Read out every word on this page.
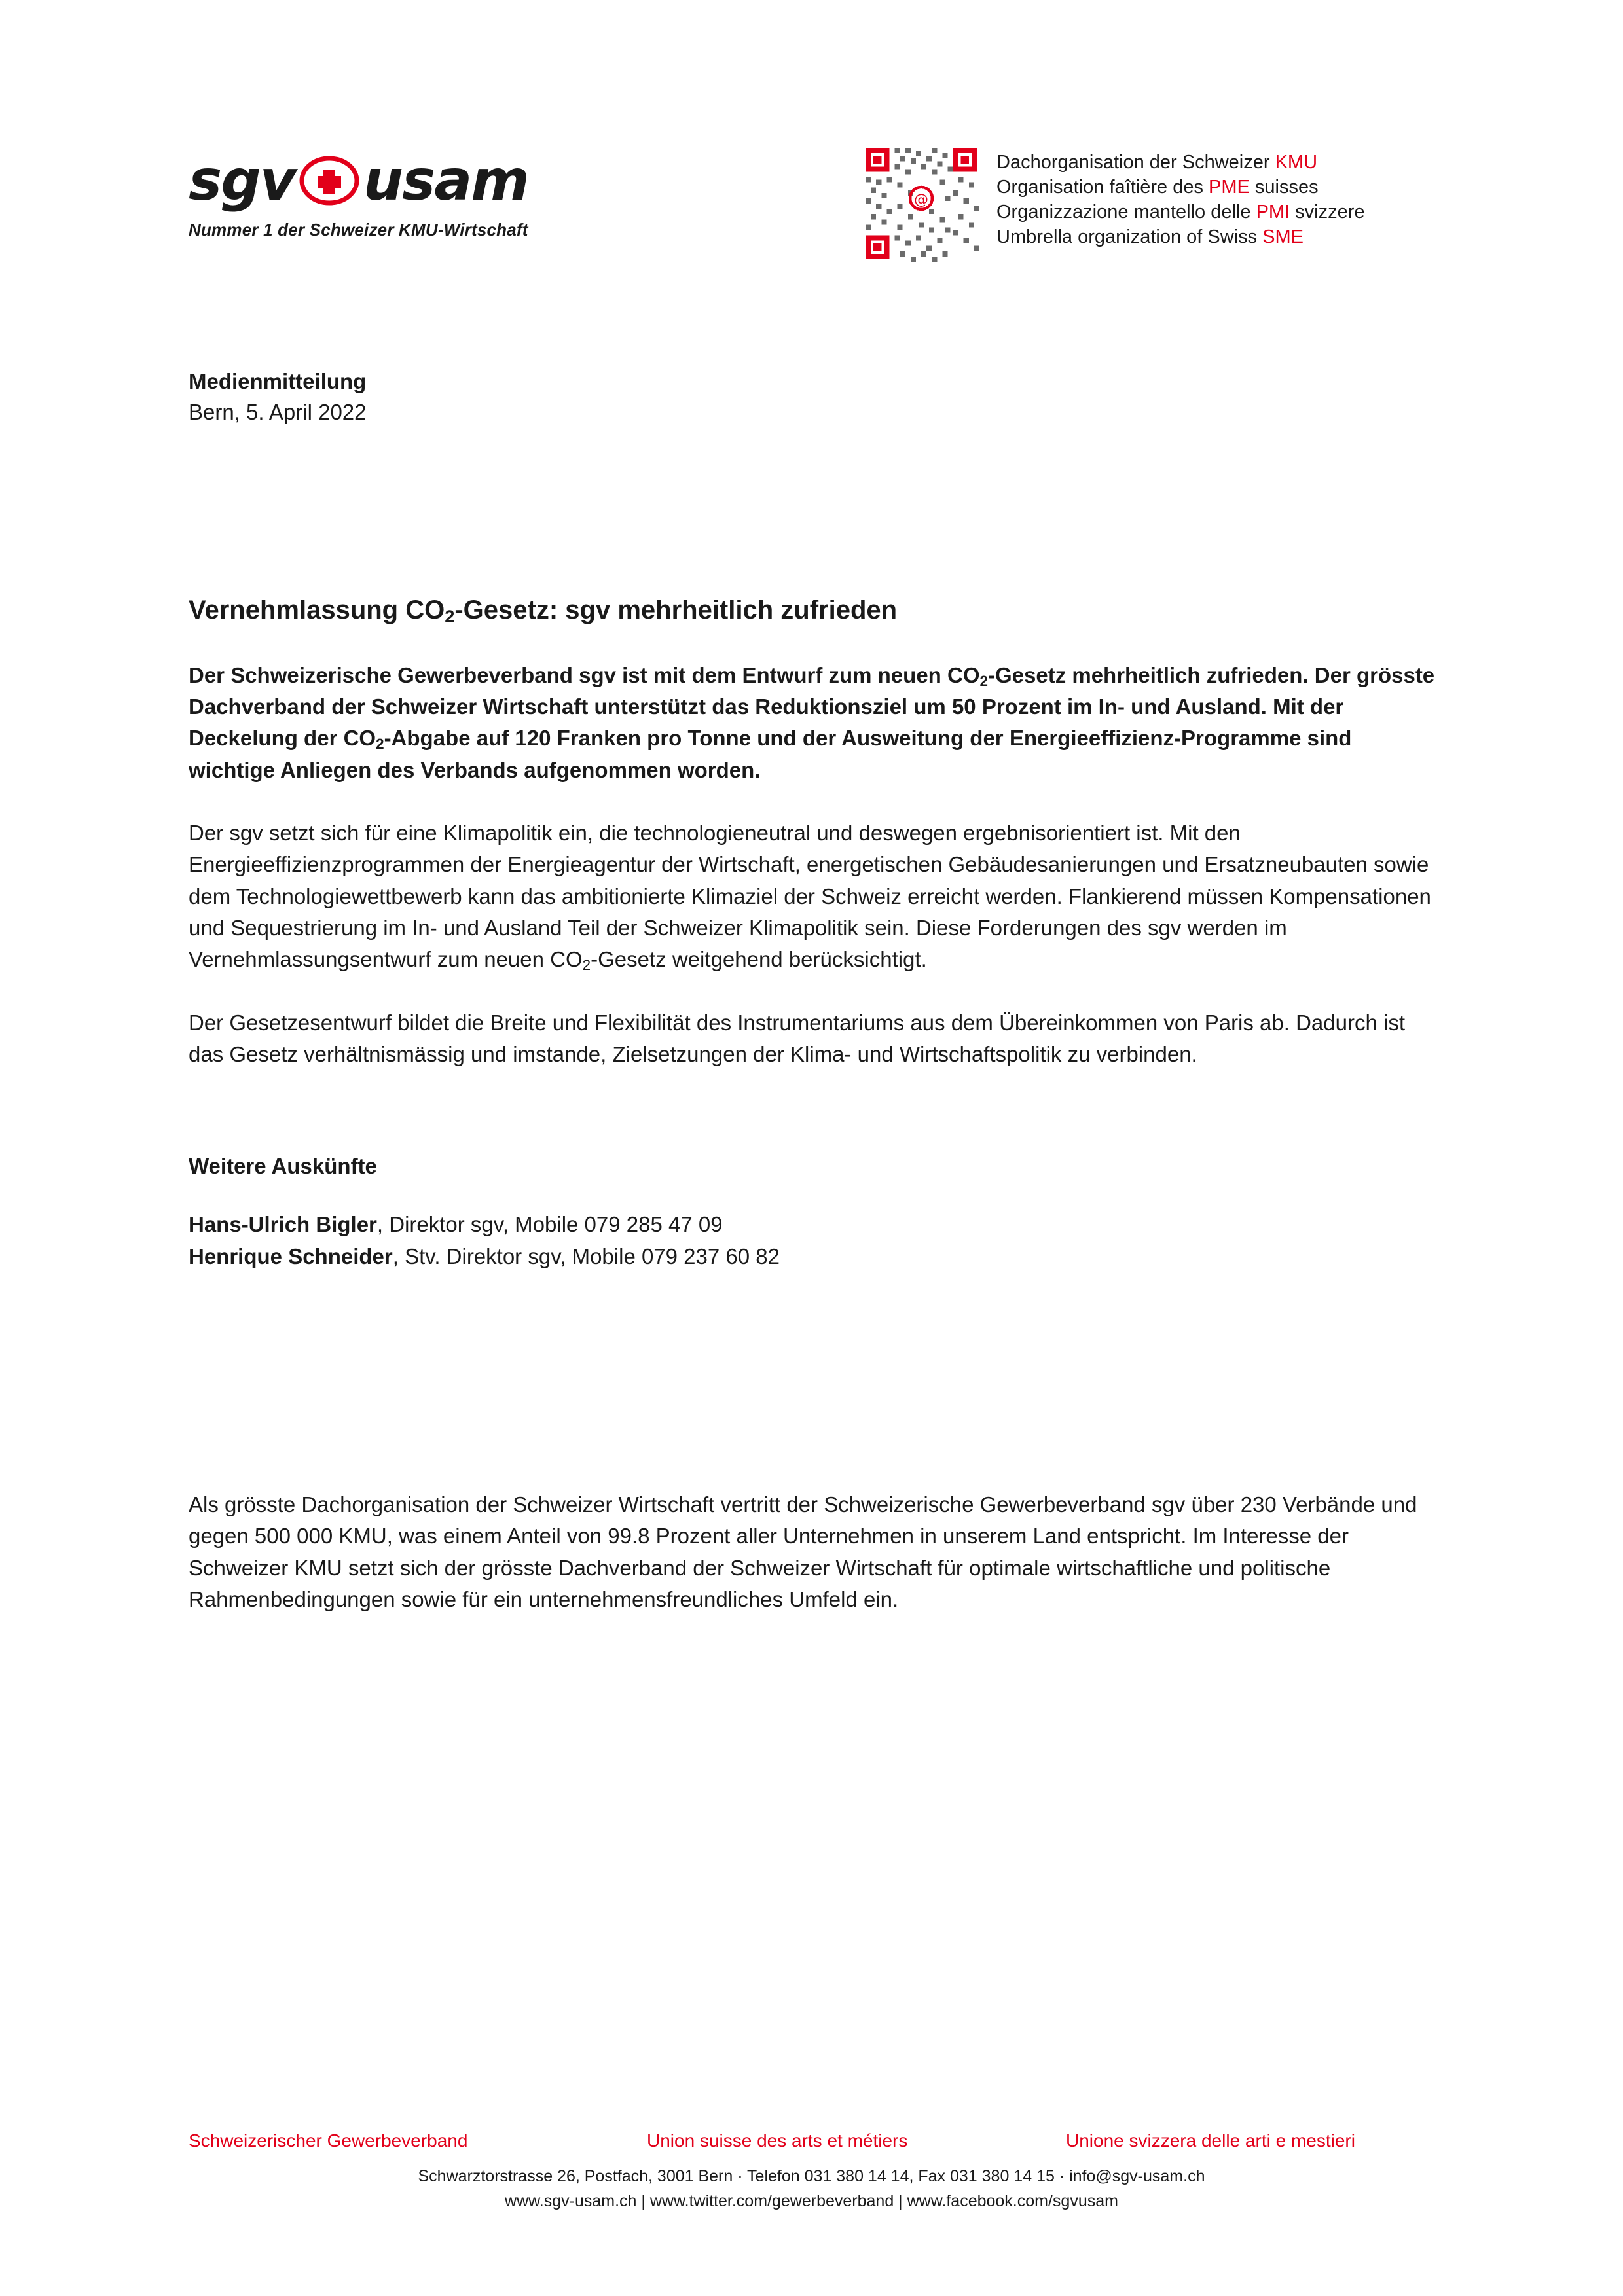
sgv usam
Nummer 1 der Schweizer KMU-Wirtschaft
@
Dachorganisation der Schweizer KMU
Organisation faîtière des PME suisses
Organizzazione mantello delle PMI svizzere
Umbrella organization of Swiss SME
Medienmitteilung
Bern, 5. April 2022
Vernehmlassung $CO_2$-Gesetz: sgv mehrheitlich zufrieden
Der Schweizerische Gewerbeverband sgv ist mit dem Entwurf zum neuen $CO_2$-Gesetz mehrheitlich zufrieden. Der grösste Dachverband der Schweizer Wirtschaft unterstützt das Reduktionsziel um 50 Prozent im In- und Ausland. Mit der Deckelung der $CO_2$-Abgabe auf 120 Franken pro Tonne und der Ausweitung der Energieeffizienz-Programme sind wichtige Anliegen des Verbands aufgenommen worden.

Der sgv setzt sich für eine Klimapolitik ein, die technologieneutral und deswegen ergebnisorientiert ist. Mit den Energieeffizienzprogrammen der Energieagentur der Wirtschaft, energetischen Gebäudesanierungen und Ersatzneubauten sowie dem Technologiewettbewerb kann das ambitionierte Klimaziel der Schweiz erreicht werden. Flankierend müssen Kompensationen und Sequestrierung im In- und Ausland Teil der Schweizer Klimapolitik sein. Diese Forderungen des sgv werden im Vernehmlassungsentwurf zum neuen $CO_2$-Gesetz weitgehend berücksichtigt.

Der Gesetzesentwurf bildet die Breite und Flexibilität des Instrumentariums aus dem Übereinkommen von Paris ab. Dadurch ist das Gesetz verhältnismässig und imstande, Zielsetzungen der Klima- und Wirtschaftspolitik zu verbinden.

Weitere Auskünfte
Hans-Ulrich Bigler, Direktor sgv, Mobile 079 285 47 09
Henrique Schneider, Stv. Direktor sgv, Mobile 079 237 60 82

Als grösste Dachorganisation der Schweizer Wirtschaft vertritt der Schweizerische Gewerbeverband sgv über 230 Verbände und gegen 500 000 KMU, was einem Anteil von 99.8 Prozent aller Unternehmen in unserem Land entspricht. Im Interesse der Schweizer KMU setzt sich der grösste Dachverband der Schweizer Wirtschaft für optimale wirtschaftliche und politische Rahmenbedingungen sowie für ein unternehmensfreundliches Umfeld ein.

Schweizerischer Gewerbeverband	Union suisse des arts et métiers	Unione svizzera delle arti e mestieri
Schwarztorstrasse 26, Postfach, 3001 Bern · Telefon 031 380 14 14, Fax 031 380 14 15 · info@sgv-usam.ch
www.sgv-usam.ch | www.twitter.com/gewerbeverband | www.facebook.com/sgvusam
